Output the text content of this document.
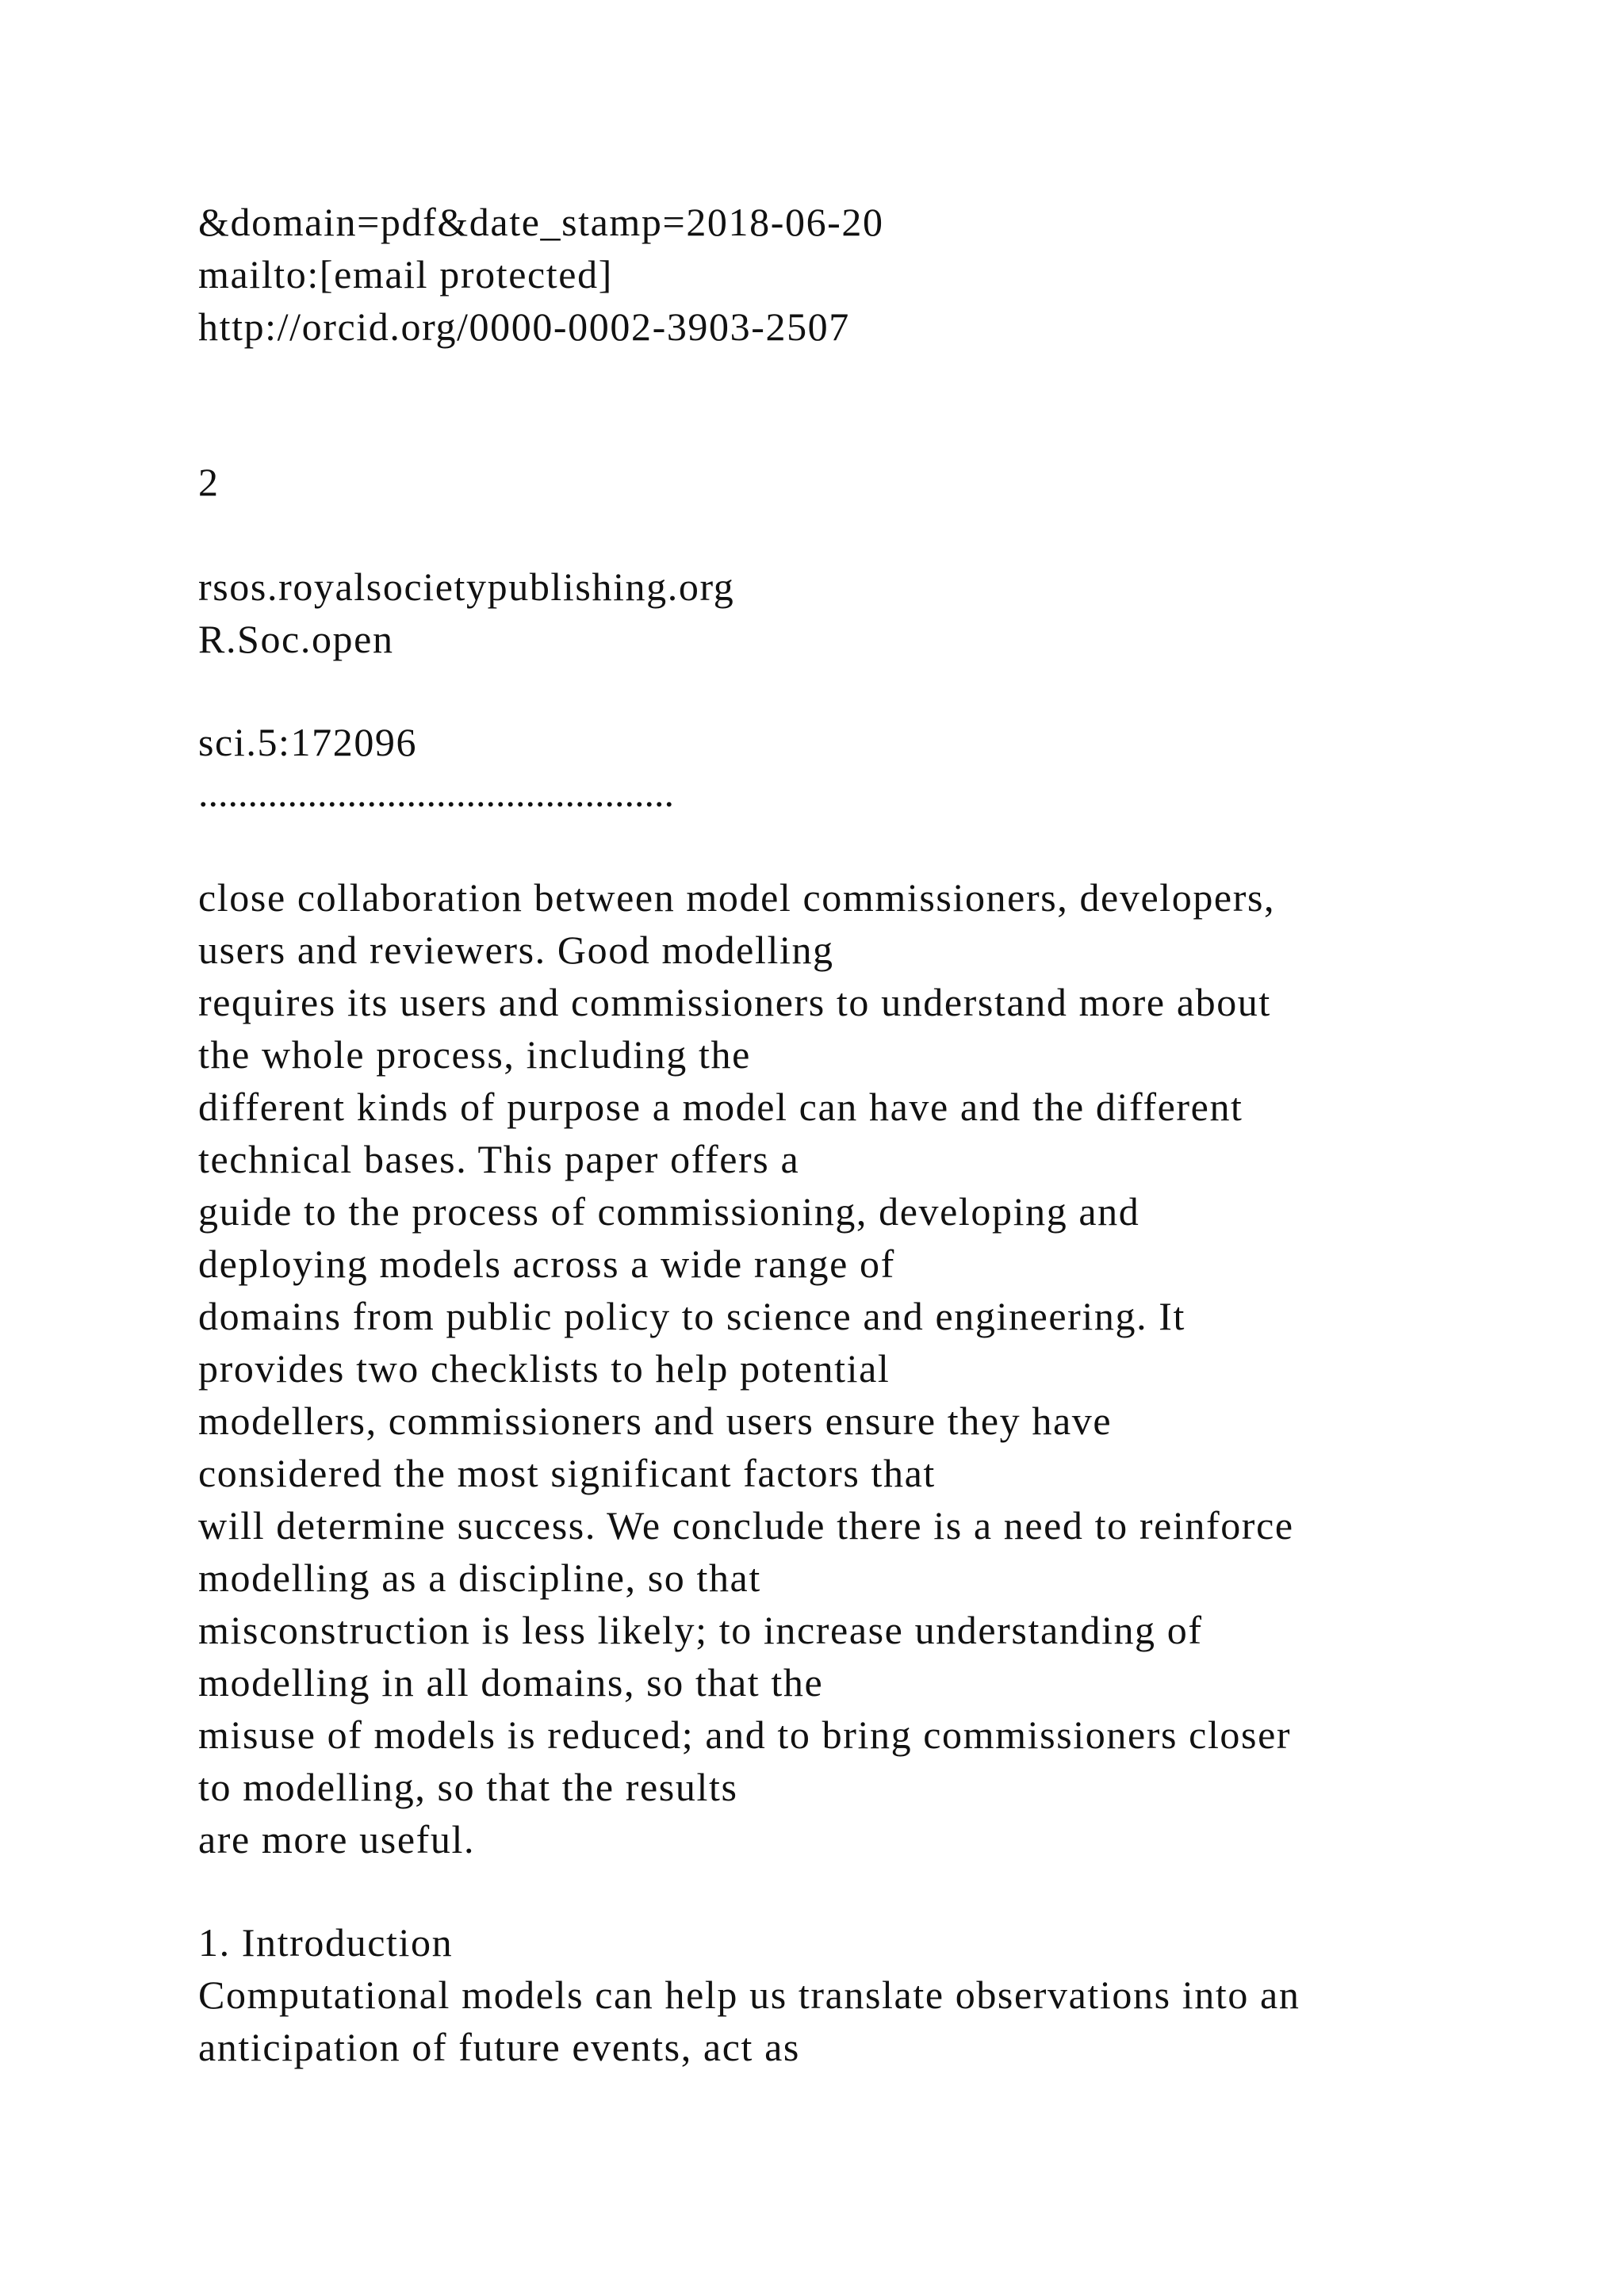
&domain=pdf&date_stamp=2018-06-20
mailto:[email protected]
http://orcid.org/0000-0002-3903-2507
2
rsos.royalsocietypublishing.org
R.Soc.open
sci.5:172096
................................................
close collaboration between model commissioners, developers,
users and reviewers. Good modelling
requires its users and commissioners to understand more about
the whole process, including the
different kinds of purpose a model can have and the different
technical bases. This paper offers a
guide to the process of commissioning, developing and
deploying models across a wide range of
domains from public policy to science and engineering. It
provides two checklists to help potential
modellers, commissioners and users ensure they have
considered the most significant factors that
will determine success. We conclude there is a need to reinforce
modelling as a discipline, so that
misconstruction is less likely; to increase understanding of
modelling in all domains, so that the
misuse of models is reduced; and to bring commissioners closer
to modelling, so that the results
are more useful.
1. Introduction
Computational models can help us translate observations into an
anticipation of future events, act as
